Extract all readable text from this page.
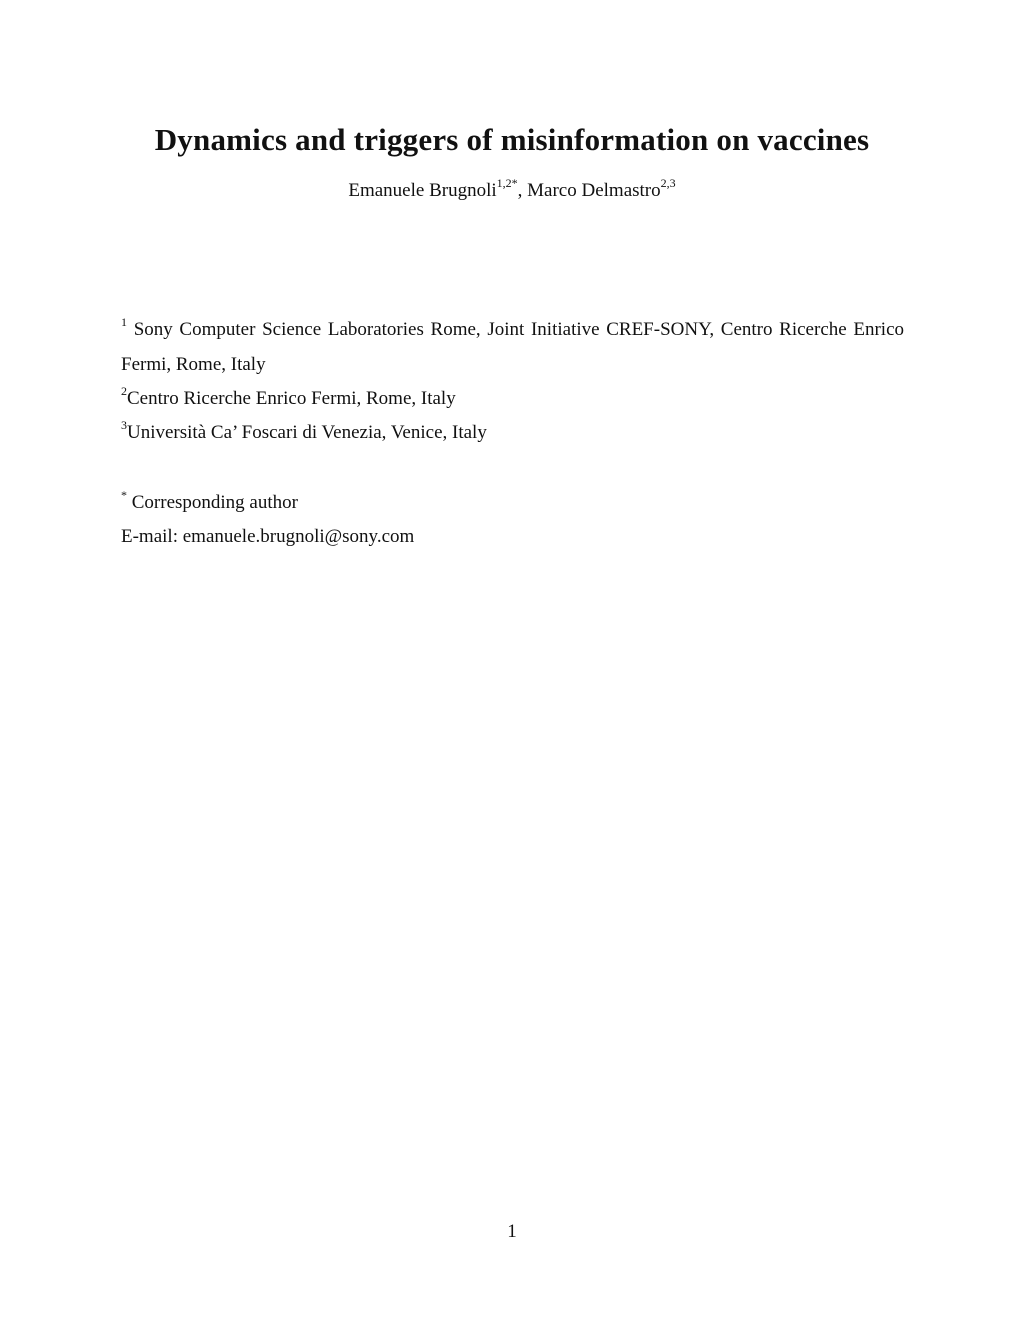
Dynamics and triggers of misinformation on vaccines
Emanuele Brugnoli$^{1,2*}$, Marco Delmastro$^{2,3}$
$^1$ Sony Computer Science Laboratories Rome, Joint Initiative CREF-SONY, Centro Ricerche Enrico Fermi, Rome, Italy
$^2$Centro Ricerche Enrico Fermi, Rome, Italy
$^3$Università Ca’ Foscari di Venezia, Venice, Italy
* Corresponding author
E-mail: emanuele.brugnoli@sony.com
1
